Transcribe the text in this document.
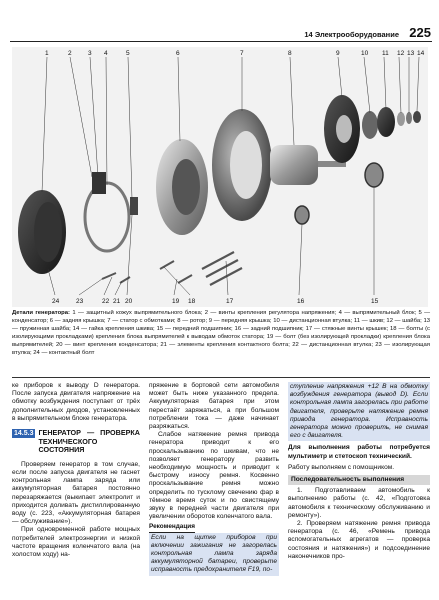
14 Электрооборудование 225
1	2	3 4	5	6	7	8	9	10 11 12 13 14
24	23	22 21 20	19 18	17	16	15
Детали генератора: 1 — защитный кожух выпрямительного блока; 2 — винты крепления регулятора напряжения; 4 — выпрямительный блок; 5 — конденсатор; 6 — задняя крышка; 7 — статор с обмотками; 8 — ротор; 9 — передняя крышка; 10 — дистанционная втулка; 11 — шкив; 12 — шайба; 13 — пружинная шайба; 14 — гайка крепления шкива; 15 — передний подшипник; 16 — задний подшипник; 17 — стяжные винты крышек; 18 — болты (с изолирующими прокладками) крепления блока выпрямителей к выводам обмоток статора; 19 — болт (без изолирующей прокладки) крепления блока выпрямителей; 20 — винт крепления конденсатора; 21 — элементы крепления контактного болта; 22 — дистанционная втулка; 23 — изолирующая втулка; 24 — контактный болт

ке приборов к выводу D генератора. После запуска двигателя напряжение на обмотку возбуждения поступает от трёх дополнительных диодов, установленных в выпрямительном блоке генератора.

14.5.3 ГЕНЕРАТОР — ПРОВЕРКА ТЕХНИЧЕСКОГО СОСТОЯНИЯ

Проверяем генератор в том случае, если после запуска двигателя не гаснет контрольная лампа заряда или аккумуляторная батарея постоянно перезаряжается (выкипает электролит и приходится доливать дистиллированную воду (с. 223, «Аккумуляторная батарея — обслуживание»).

При одновременной работе мощных потребителей электроэнергии и низкой частоте вращения коленчатого вала (на холостом ходу) на-

пряжение в бортовой сети автомобиля может быть ниже указанного предела. Аккумуляторная батарея при этом перестаёт заряжаться, а при большом потреблении тока — даже начинает разряжаться.

Слабое натяжение ремня привода генератора приводит к его проскальзыванию по шкивам, что не позволяет генератору развить необходимую мощность и приводит к быстрому износу ремня. Косвенно проскальзывание ремня можно определить по тусклому свечению фар в тёмное время суток и по свистящему звуку в передней части двигателя при увеличении оборотов коленчатого вала.

Рекомендация

Если на щитке приборов при включении зажигания не загорелась контрольная лампа заряда аккумуляторной батареи, проверьте исправность предохранителя F19, по-

ступление напряжения +12 В на обмотку возбуждения генератора (вывод D). Если контрольная лампа загорелась при работе двигателя, проверьте натяжение ремня привода генератора. Исправность генератора можно проверить, не снимая его с двигателя.

Для выполнения работы потребуется мультиметр и стетоскоп технический.

Работу выполняем с помощником.

Последовательность выполнения

1. Подготавливаем автомобиль к выполнению работы (с. 42, «Подготовка автомобиля к техническому обслуживанию и ремонту»).

2. Проверяем натяжение ремня привода генератора (с. 46, «Ремень привода вспомогательных агрегатов — проверка состояния и натяжения») и подсоединение наконечников про-
